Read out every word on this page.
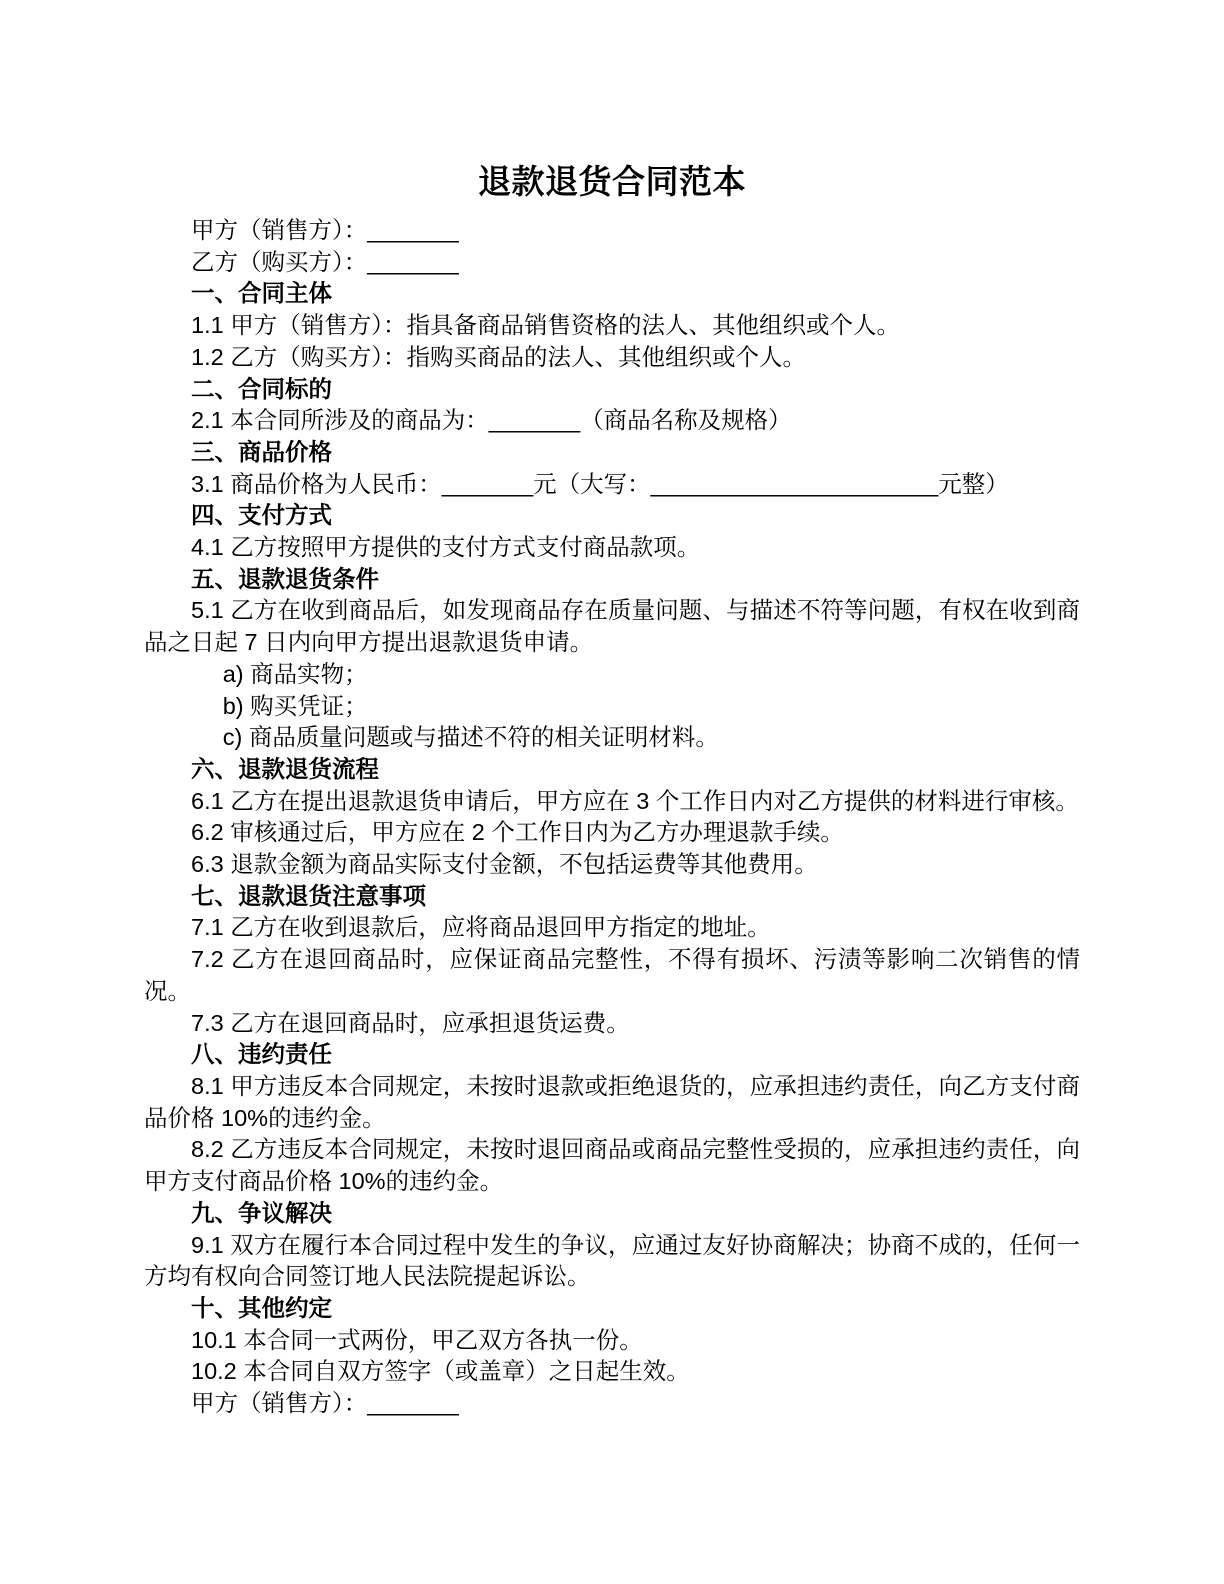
退款退货合同范本

甲方（销售方）：_______

乙方（购买方）：_______

一、合同主体

1.1 甲方（销售方）：指具备商品销售资格的法人、其他组织或个人。

1.2 乙方（购买方）：指购买商品的法人、其他组织或个人。

二、合同标的

2.1 本合同所涉及的商品为：_______（商品名称及规格）

三、商品价格

3.1 商品价格为人民币：_______元（大写：______________________元整）

四、支付方式

4.1 乙方按照甲方提供的支付方式支付商品款项。

五、退款退货条件

5.1 乙方在收到商品后，如发现商品存在质量问题、与描述不符等问题，有权在收到商品之日起 7 日内向甲方提出退款退货申请。

a) 商品实物；

b) 购买凭证；

c) 商品质量问题或与描述不符的相关证明材料。

六、退款退货流程

6.1 乙方在提出退款退货申请后，甲方应在 3 个工作日内对乙方提供的材料进行审核。

6.2 审核通过后，甲方应在 2 个工作日内为乙方办理退款手续。

6.3 退款金额为商品实际支付金额，不包括运费等其他费用。

七、退款退货注意事项

7.1 乙方在收到退款后，应将商品退回甲方指定的地址。

7.2 乙方在退回商品时，应保证商品完整性，不得有损坏、污渍等影响二次销售的情况。

7.3 乙方在退回商品时，应承担退货运费。

八、违约责任

8.1 甲方违反本合同规定，未按时退款或拒绝退货的，应承担违约责任，向乙方支付商品价格 10%的违约金。

8.2 乙方违反本合同规定，未按时退回商品或商品完整性受损的，应承担违约责任，向甲方支付商品价格 10%的违约金。

九、争议解决

9.1 双方在履行本合同过程中发生的争议，应通过友好协商解决；协商不成的，任何一方均有权向合同签订地人民法院提起诉讼。

十、其他约定

10.1 本合同一式两份，甲乙双方各执一份。

10.2 本合同自双方签字（或盖章）之日起生效。

甲方（销售方）：_______
